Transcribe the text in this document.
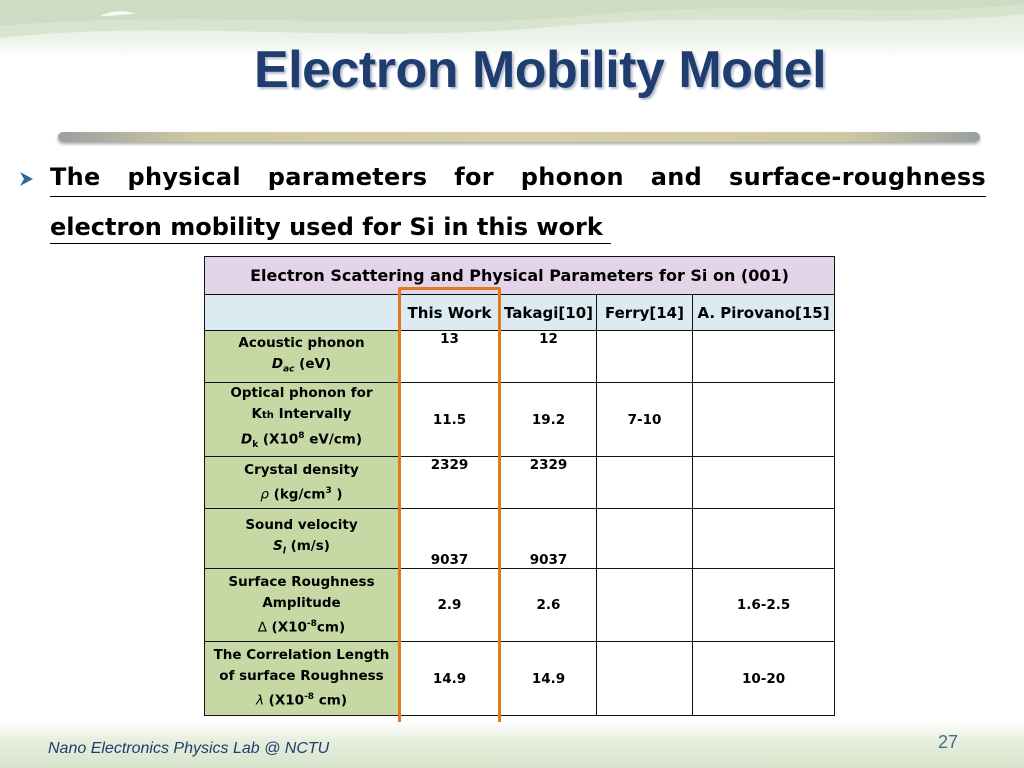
Electron Mobility Model
The physical parameters for phonon and surface-roughness
electron mobility used for Si in this work
Electron Scattering and Physical Parameters for Si on (001)				
	This Work	Takagi[10]	Ferry[14]	A. Pirovano[15]
Acoustic phonon
$D_{ac}$ (eV)	13	12		
Optical phonon for
Kth Intervally
$D_k$ ($X10^8$ eV/cm)	11.5	19.2	7-10	
Crystal density
ρ ($kg/cm^3$ )	2329	2329		
Sound velocity
$S_l$ (m/s)	9037	9037		
Surface Roughness
Amplitude
∆ $(X10^{-8}cm)$	2.9	2.6		1.6-2.5
The Correlation Length
of surface Roughness
λ ($X10^{-8}$ cm)	14.9	14.9		10-20
Nano Electronics Physics Lab @ NCTU	27
